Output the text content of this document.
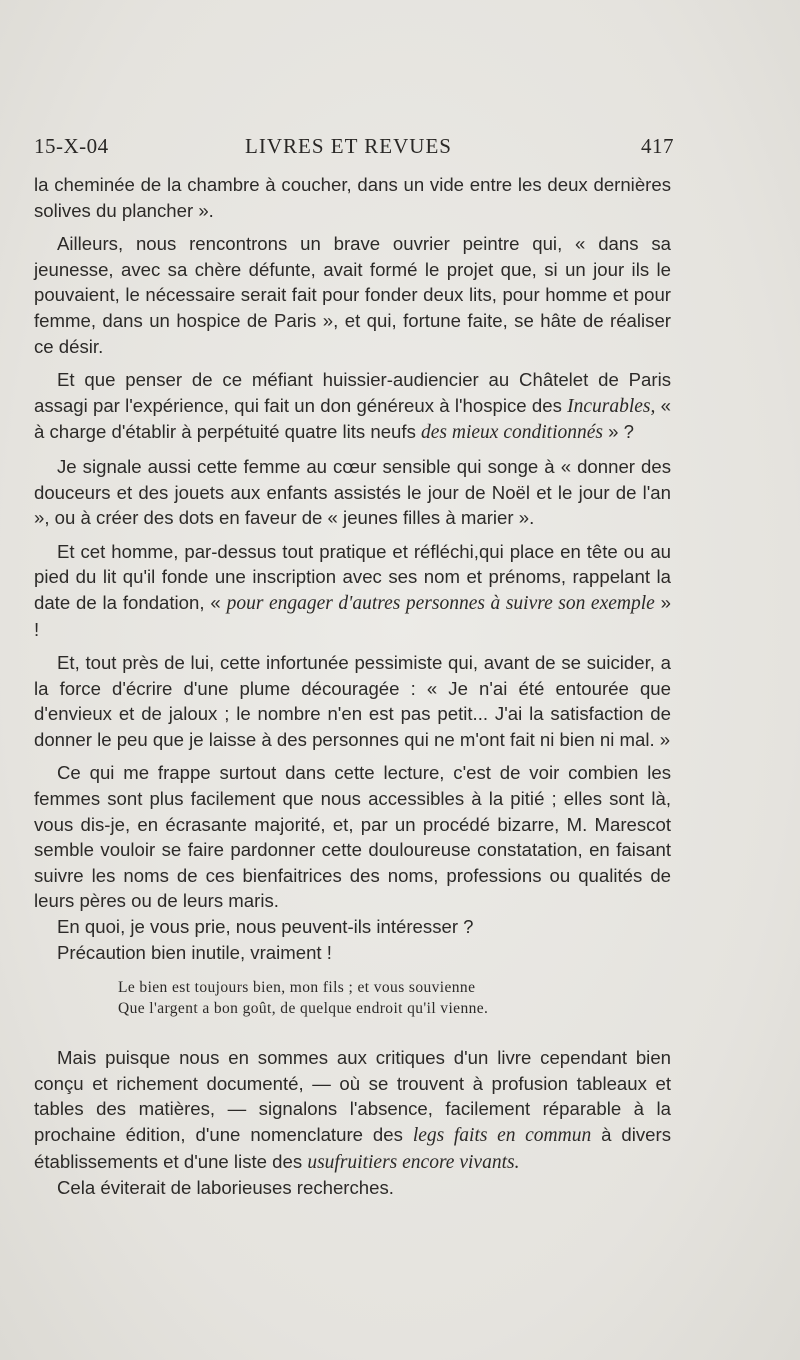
15-X-04	LIVRES ET REVUES	417

la cheminée de la chambre à coucher, dans un vide entre les deux dernières solives du plancher ».

Ailleurs, nous rencontrons un brave ouvrier peintre qui, « dans sa jeunesse, avec sa chère défunte, avait formé le projet que, si un jour ils le pouvaient, le nécessaire serait fait pour fonder deux lits, pour homme et pour femme, dans un hospice de Paris », et qui, fortune faite, se hâte de réaliser ce désir.

Et que penser de ce méfiant huissier-audiencier au Châtelet de Paris assagi par l'expérience, qui fait un don généreux à l'hospice des Incurables, « à charge d'établir à perpétuité quatre lits neufs des mieux conditionnés » ?

Je signale aussi cette femme au cœur sensible qui songe à « donner des douceurs et des jouets aux enfants assistés le jour de Noël et le jour de l'an », ou à créer des dots en faveur de « jeunes filles à marier ».

Et cet homme, par-dessus tout pratique et réfléchi,qui place en tête ou au pied du lit qu'il fonde une inscription avec ses nom et prénoms, rappelant la date de la fondation, « pour engager d'autres personnes à suivre son exemple » !

Et, tout près de lui, cette infortunée pessimiste qui, avant de se suicider, a la force d'écrire d'une plume découragée : « Je n'ai été entourée que d'envieux et de jaloux ; le nombre n'en est pas petit... J'ai la satisfaction de donner le peu que je laisse à des personnes qui ne m'ont fait ni bien ni mal. »

Ce qui me frappe surtout dans cette lecture, c'est de voir combien les femmes sont plus facilement que nous accessibles à la pitié ; elles sont là, vous dis-je, en écrasante majorité, et, par un procédé bizarre, M. Marescot semble vouloir se faire pardonner cette douloureuse constatation, en faisant suivre les noms de ces bienfaitrices des noms, professions ou qualités de leurs pères ou de leurs maris.

En quoi, je vous prie, nous peuvent-ils intéresser ?

Précaution bien inutile, vraiment !

Le bien est toujours bien, mon fils ; et vous souvienne
Que l'argent a bon goût, de quelque endroit qu'il vienne.

Mais puisque nous en sommes aux critiques d'un livre cependant bien conçu et richement documenté, — où se trouvent à profusion tableaux et tables des matières, — signalons l'absence, facilement réparable à la prochaine édition, d'une nomenclature des legs faits en commun à divers établissements et d'une liste des usufruitiers encore vivants.

Cela éviterait de laborieuses recherches.
